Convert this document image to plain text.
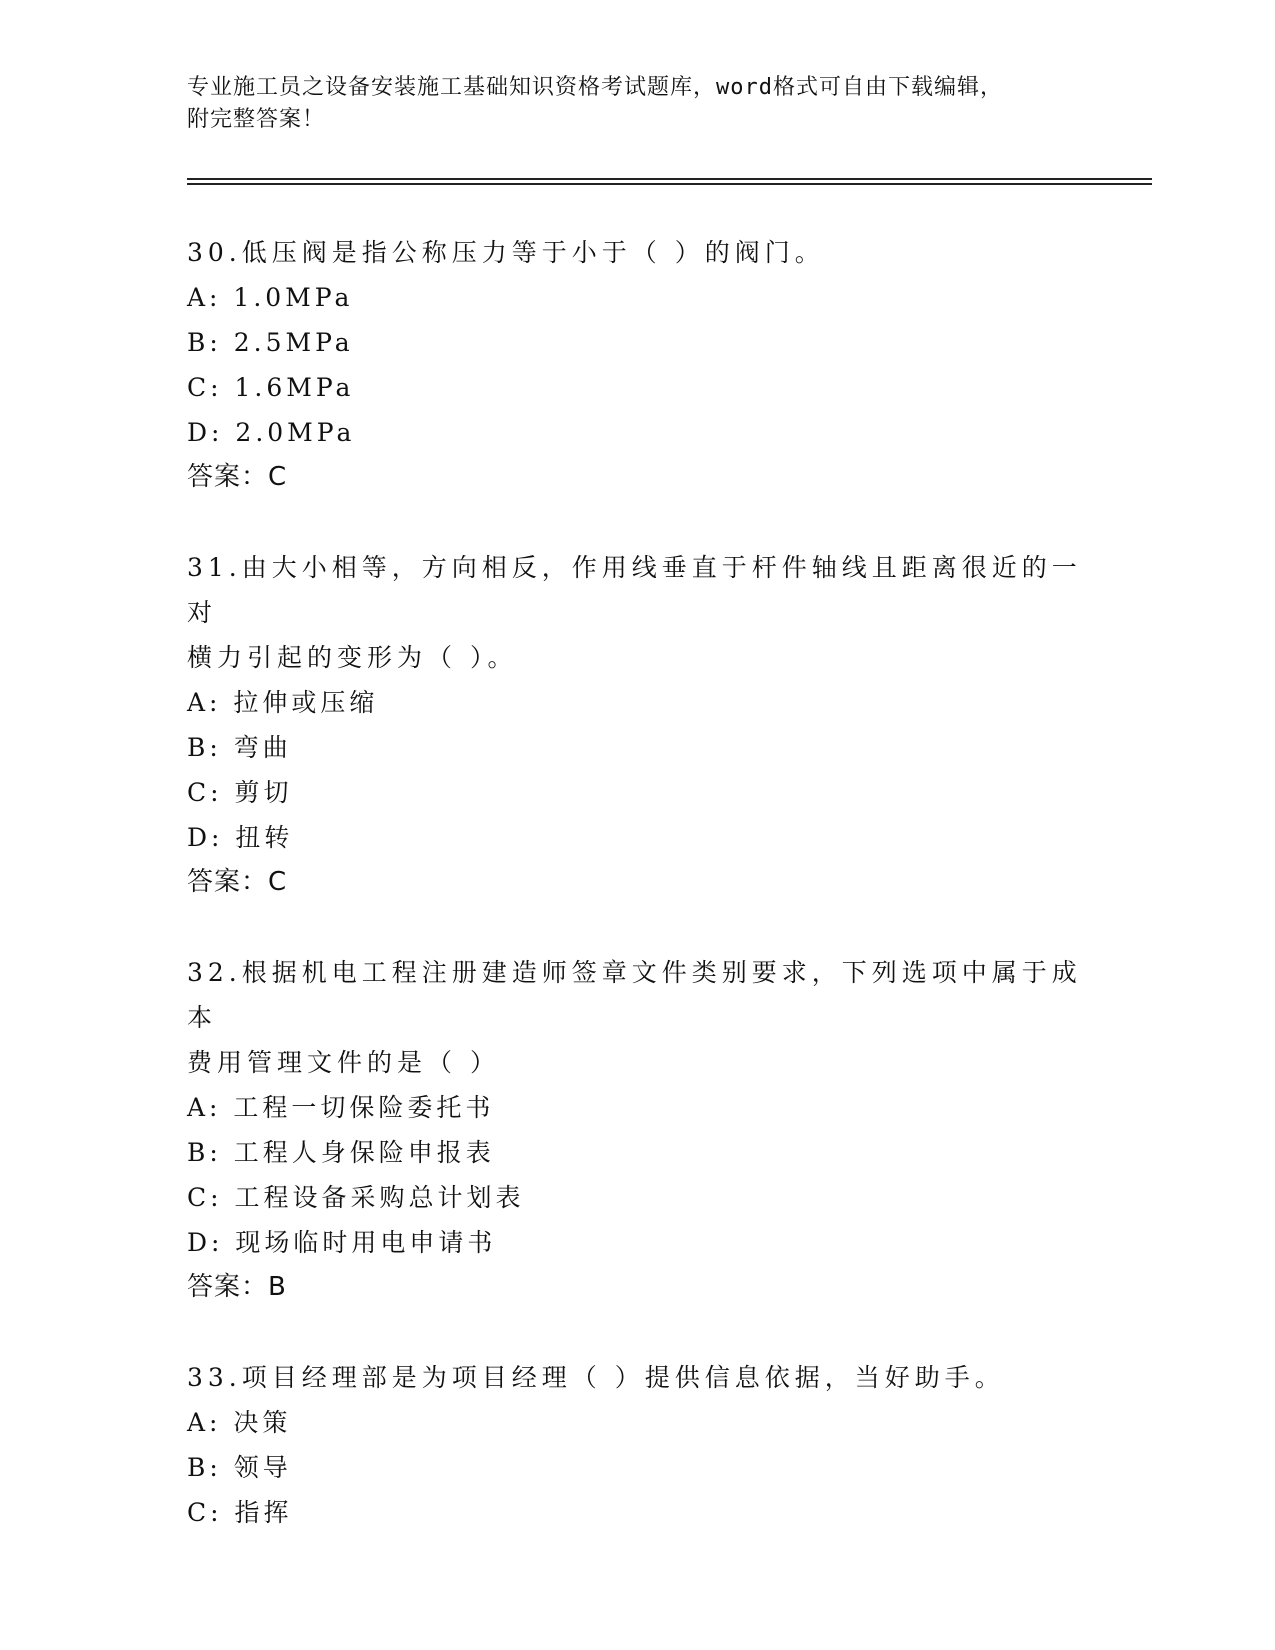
专业施工员之设备安装施工基础知识资格考试题库，word格式可自由下载编辑，
附完整答案！

30.低压阀是指公称压力等于小于（ ）的阀门。

A: 1.0MPa

B: 2.5MPa

C: 1.6MPa

D: 2.0MPa

答案：C

31.由大小相等，方向相反，作用线垂直于杆件轴线且距离很近的一对

横力引起的变形为（ ）。

A: 拉伸或压缩

B: 弯曲

C: 剪切

D: 扭转

答案：C

32.根据机电工程注册建造师签章文件类别要求，下列选项中属于成本

费用管理文件的是（ ）

A: 工程一切保险委托书

B: 工程人身保险申报表

C: 工程设备采购总计划表

D: 现场临时用电申请书

答案：B

33.项目经理部是为项目经理（ ）提供信息依据，当好助手。

A: 决策

B: 领导

C: 指挥
